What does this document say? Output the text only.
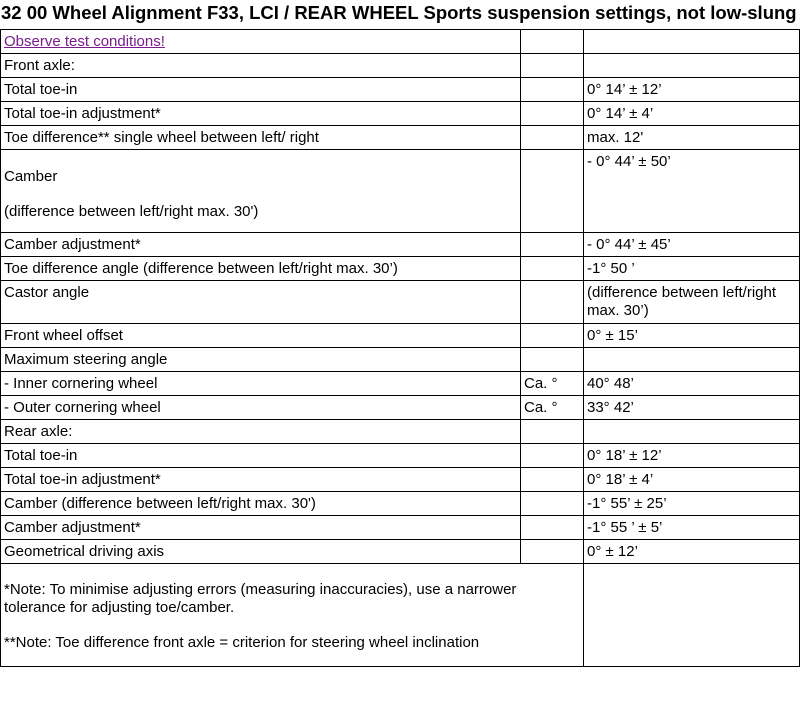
32 00 Wheel Alignment F33, LCI / REAR WHEEL Sports suspension settings, not low-slung
Observe test conditions!		
Front axle:		
Total toe-in		0° 14’ ± 12’
Total toe-in adjustment*		0° 14’ ± 4’
Toe difference** single wheel between left/ right		max. 12'

Camber
(difference between left/right max. 30')		- 0° 44’ ± 50’
Camber adjustment*		- 0° 44’ ± 45’
Toe difference angle (difference between left/right max. 30’)		-1° 50 ’
Castor angle		(difference between left/right max. 30’)
Front wheel offset		0° ± 15’
Maximum steering angle		
- Inner cornering wheel	Ca. °	40° 48’
- Outer cornering wheel	Ca. °	33° 42’
Rear axle:		
Total toe-in		0° 18’ ± 12’
Total toe-in adjustment*		0° 18’ ± 4’
Camber (difference between left/right max. 30')		-1° 55’ ± 25’
Camber adjustment*		-1° 55 ’ ± 5’
Geometrical driving axis		0° ± 12’

*Note: To minimise adjusting errors (measuring inaccuracies), use a narrower tolerance for adjusting toe/camber.
**Note: Toe difference front axle = criterion for steering wheel inclination		
